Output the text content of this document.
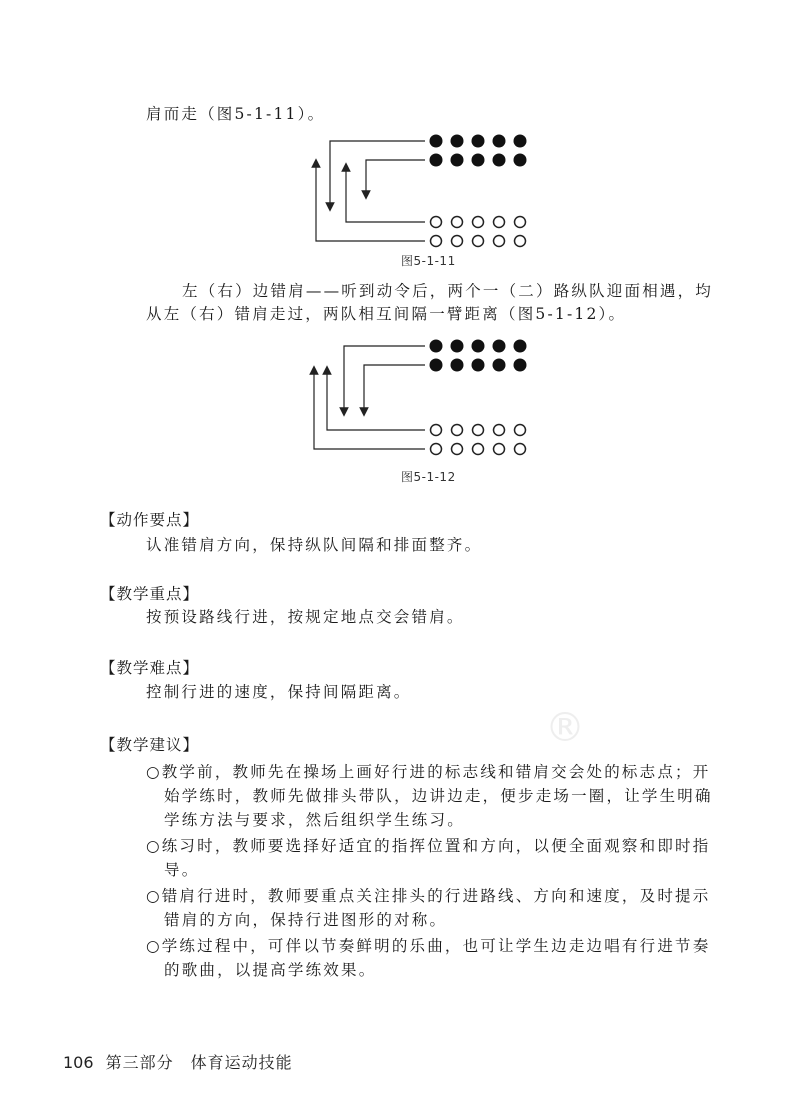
肩而走（图5-1-11）。
图5-1-11
左（右）边错肩——听到动令后，两个一（二）路纵队迎面相遇，均
从左（右）错肩走过，两队相互间隔一臂距离（图5-1-12）。
图5-1-12
【动作要点】
认准错肩方向，保持纵队间隔和排面整齐。
【教学重点】
按预设路线行进，按规定地点交会错肩。
【教学难点】
控制行进的速度，保持间隔距离。
【教学建议】
○教学前，教师先在操场上画好行进的标志线和错肩交会处的标志点；开
始学练时，教师先做排头带队，边讲边走，便步走场一圈，让学生明确
学练方法与要求，然后组织学生练习。
○练习时，教师要选择好适宜的指挥位置和方向，以便全面观察和即时指
导。
○错肩行进时，教师要重点关注排头的行进路线、方向和速度，及时提示
错肩的方向，保持行进图形的对称。
○学练过程中，可伴以节奏鲜明的乐曲，也可让学生边走边唱有行进节奏
的歌曲，以提高学练效果。
®
106 第三部分　体育运动技能
